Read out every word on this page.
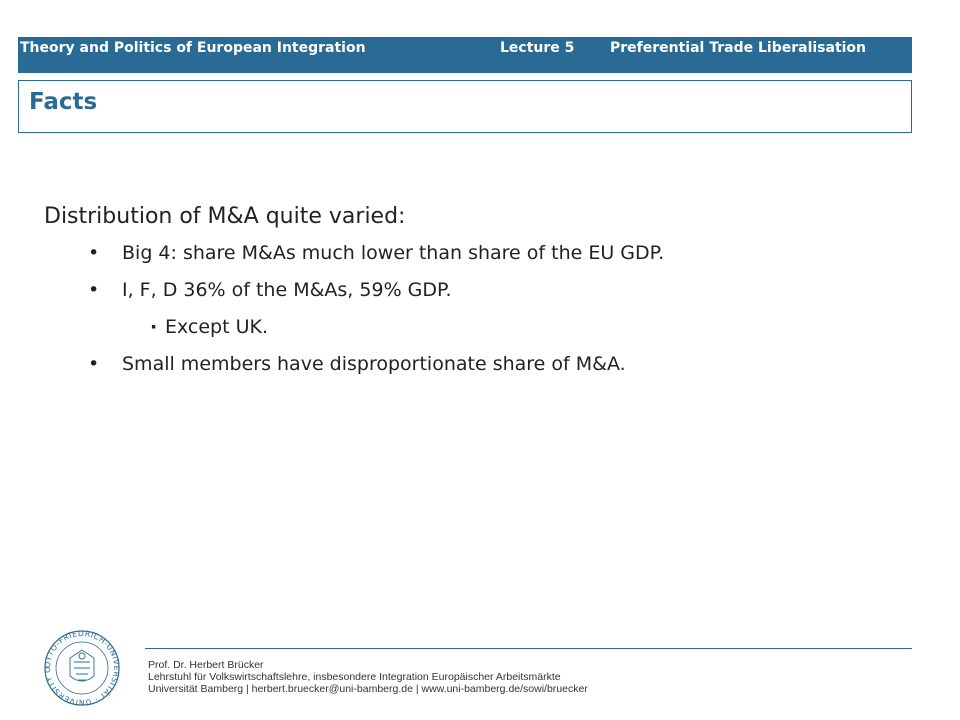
Theory and Politics of European Integration	Lecture 5	Preferential Trade Liberalisation
Facts

Distribution of M&A quite varied:

• Big 4: share M&As much lower than share of the EU GDP.
• I, F, D 36% of the M&As, 59% GDP.
· Except UK.
• Small members have disproportionate share of M&A.
OTTO-FRIEDRICH-UNIVERSITÄT · UNIVERSITY O	Prof. Dr. Herbert Brücker
Lehrstuhl für Volkswirtschaftslehre, insbesondere Integration Europäischer Arbeitsmärkte
Universität Bamberg | herbert.bruecker@uni-bamberg.de | www.uni-bamberg.de/sowi/bruecker
